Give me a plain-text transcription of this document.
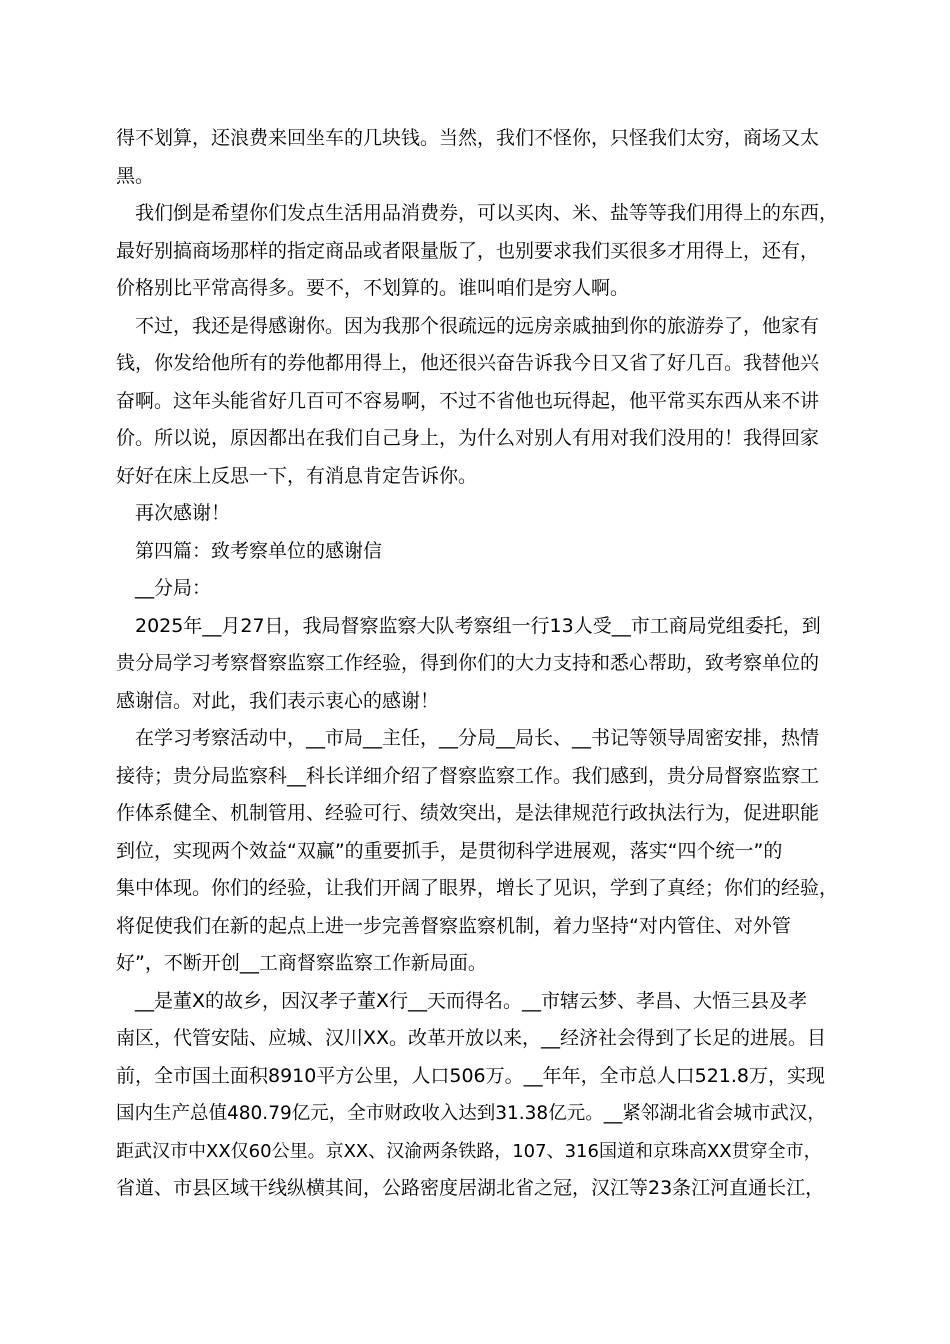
得不划算，还浪费来回坐车的几块钱。当然，我们不怪你，只怪我们太穷，商场又太
黑。
我们倒是希望你们发点生活用品消费券，可以买肉、米、盐等等我们用得上的东西，
最好别搞商场那样的指定商品或者限量版了，也别要求我们买很多才用得上，还有，
价格别比平常高得多。要不，不划算的。谁叫咱们是穷人啊。
不过，我还是得感谢你。因为我那个很疏远的远房亲戚抽到你的旅游券了，他家有
钱，你发给他所有的券他都用得上，他还很兴奋告诉我今日又省了好几百。我替他兴
奋啊。这年头能省好几百可不容易啊，不过不省他也玩得起，他平常买东西从来不讲
价。所以说，原因都出在我们自己身上，为什么对别人有用对我们没用的！我得回家
好好在床上反思一下，有消息肯定告诉你。
再次感谢！
第四篇：致考察单位的感谢信
__分局：
2025年__月27日，我局督察监察大队考察组一行13人受__市工商局党组委托，到
贵分局学习考察督察监察工作经验，得到你们的大力支持和悉心帮助，致考察单位的
感谢信。对此，我们表示衷心的感谢！
在学习考察活动中，__市局__主任，__分局__局长、__书记等领导周密安排，热情
接待；贵分局监察科__科长详细介绍了督察监察工作。我们感到，贵分局督察监察工
作体系健全、机制管用、经验可行、绩效突出，是法律规范行政执法行为，促进职能
到位，实现两个效益“双赢”的重要抓手，是贯彻科学进展观，落实“四个统一”的
集中体现。你们的经验，让我们开阔了眼界，增长了见识，学到了真经；你们的经验，
将促使我们在新的起点上进一步完善督察监察机制，着力坚持“对内管住、对外管
好”，不断开创__工商督察监察工作新局面。
__是董X的故乡，因汉孝子董X行__天而得名。__市辖云梦、孝昌、大悟三县及孝
南区，代管安陆、应城、汉川XX。改革开放以来，__经济社会得到了长足的进展。目
前，全市国土面积8910平方公里，人口506万。__年年，全市总人口521.8万，实现
国内生产总值480.79亿元，全市财政收入达到31.38亿元。__紧邻湖北省会城市武汉，
距武汉市中XX仅60公里。京XX、汉渝两条铁路，107、316国道和京珠高XX贯穿全市，
省道、市县区域干线纵横其间，公路密度居湖北省之冠，汉江等23条江河直通长江，
